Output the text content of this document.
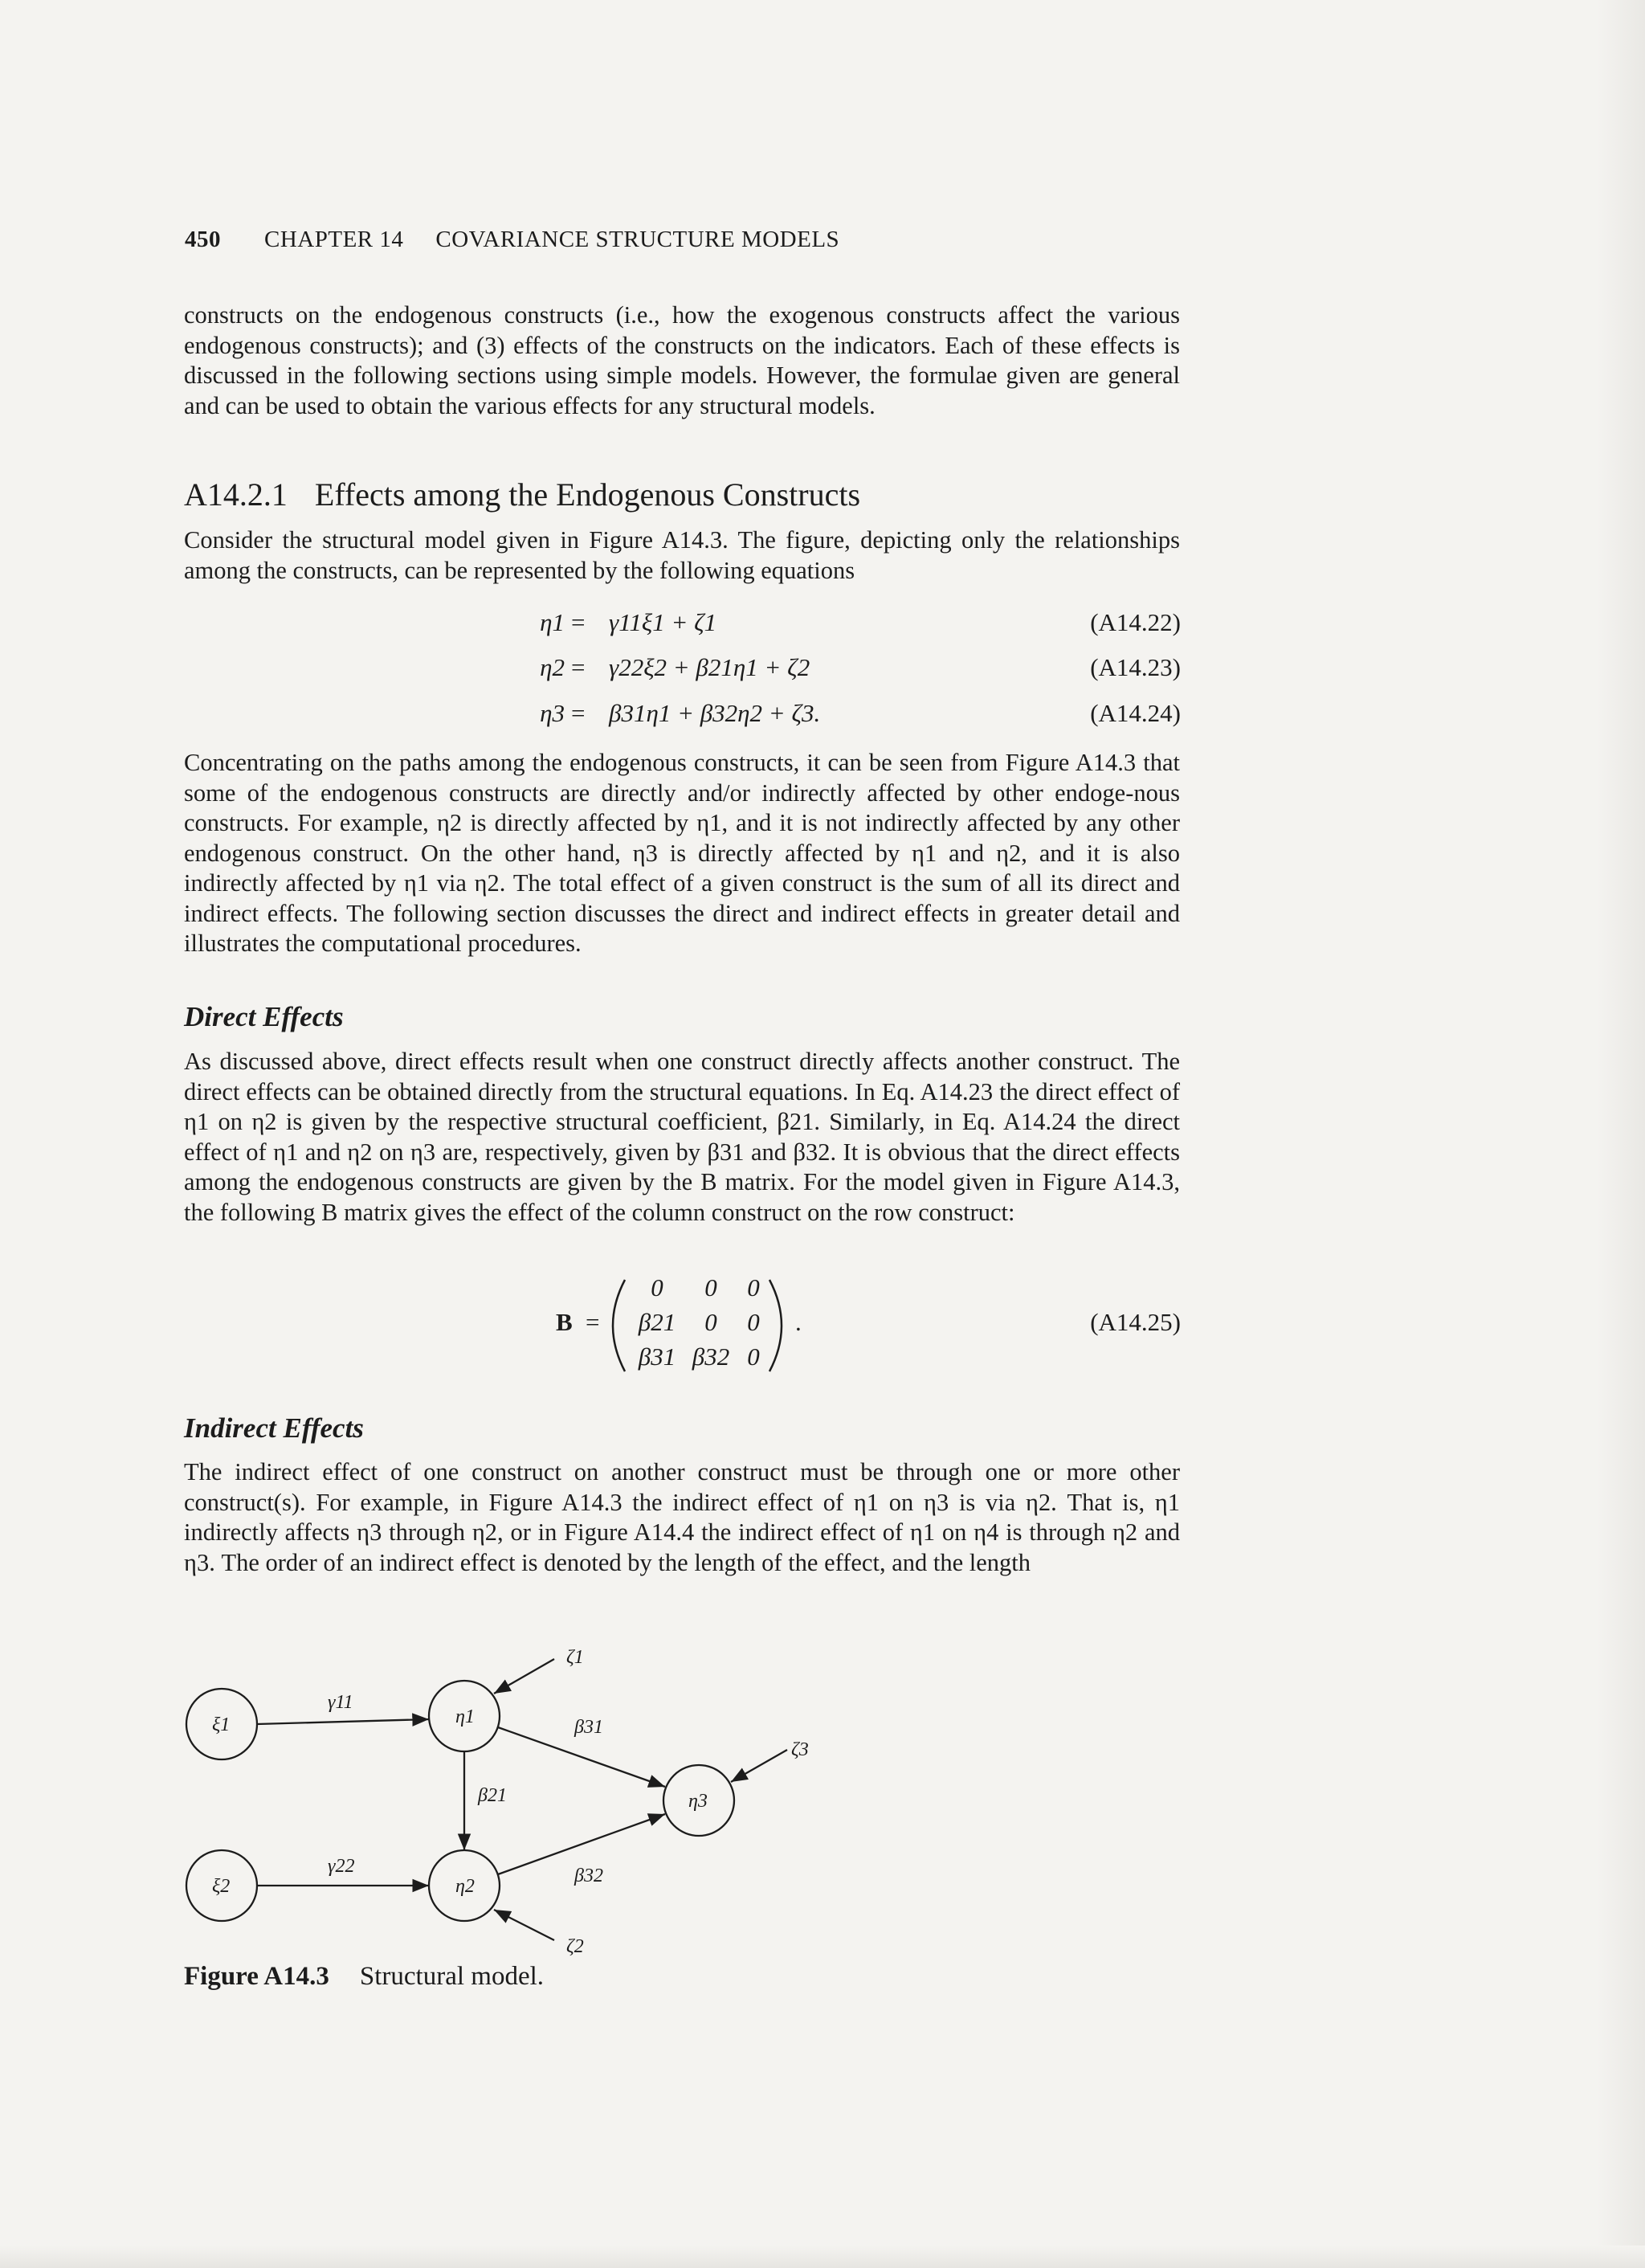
450 CHAPTER 14 COVARIANCE STRUCTURE MODELS

constructs on the endogenous constructs (i.e., how the exogenous constructs affect the various endogenous constructs); and (3) effects of the constructs on the indicators. Each of these effects is discussed in the following sections using simple models. However, the formulae given are general and can be used to obtain the various effects for any structural models.

A14.2.1 Effects among the Endogenous Constructs

Consider the structural model given in Figure A14.3. The figure, depicting only the relationships among the constructs, can be represented by the following equations

η1 = γ11ξ1 + ζ1	(A14.22)
η2 = γ22ξ2 + β21η1 + ζ2	(A14.23)
η3 = β31η1 + β32η2 + ζ3.	(A14.24)

Concentrating on the paths among the endogenous constructs, it can be seen from Figure A14.3 that some of the endogenous constructs are directly and/or indirectly affected by other endoge-nous constructs. For example, η2 is directly affected by η1, and it is not indirectly affected by any other endogenous construct. On the other hand, η3 is directly affected by η1 and η2, and it is also indirectly affected by η1 via η2. The total effect of a given construct is the sum of all its direct and indirect effects. The following section discusses the direct and indirect effects in greater detail and illustrates the computational procedures.

Direct Effects

As discussed above, direct effects result when one construct directly affects another construct. The direct effects can be obtained directly from the structural equations. In Eq. A14.23 the direct effect of η1 on η2 is given by the respective structural coefficient, β21. Similarly, in Eq. A14.24 the direct effect of η1 and η2 on η3 are, respectively, given by β31 and β32. It is obvious that the direct effects among the endogenous constructs are given by the B matrix. For the model given in Figure A14.3, the following B matrix gives the effect of the column construct on the row construct:

B =
0	0	0
β21	0	0
β31 β32 0
.	(A14.25)
Indirect Effects

The indirect effect of one construct on another construct must be through one or more other construct(s). For example, in Figure A14.3 the indirect effect of η1 on η3 is via η2. That is, η1 indirectly affects η3 through η2, or in Figure A14.4 the indirect effect of η1 on η4 is through η2 and η3. The order of an indirect effect is denoted by the length of the effect, and the length

ξ1
ξ2
η1
η2
η3
ζ1
ζ2
ζ3
γ11
γ22
β21
β31
β32
Figure A14.3 Structural model.
